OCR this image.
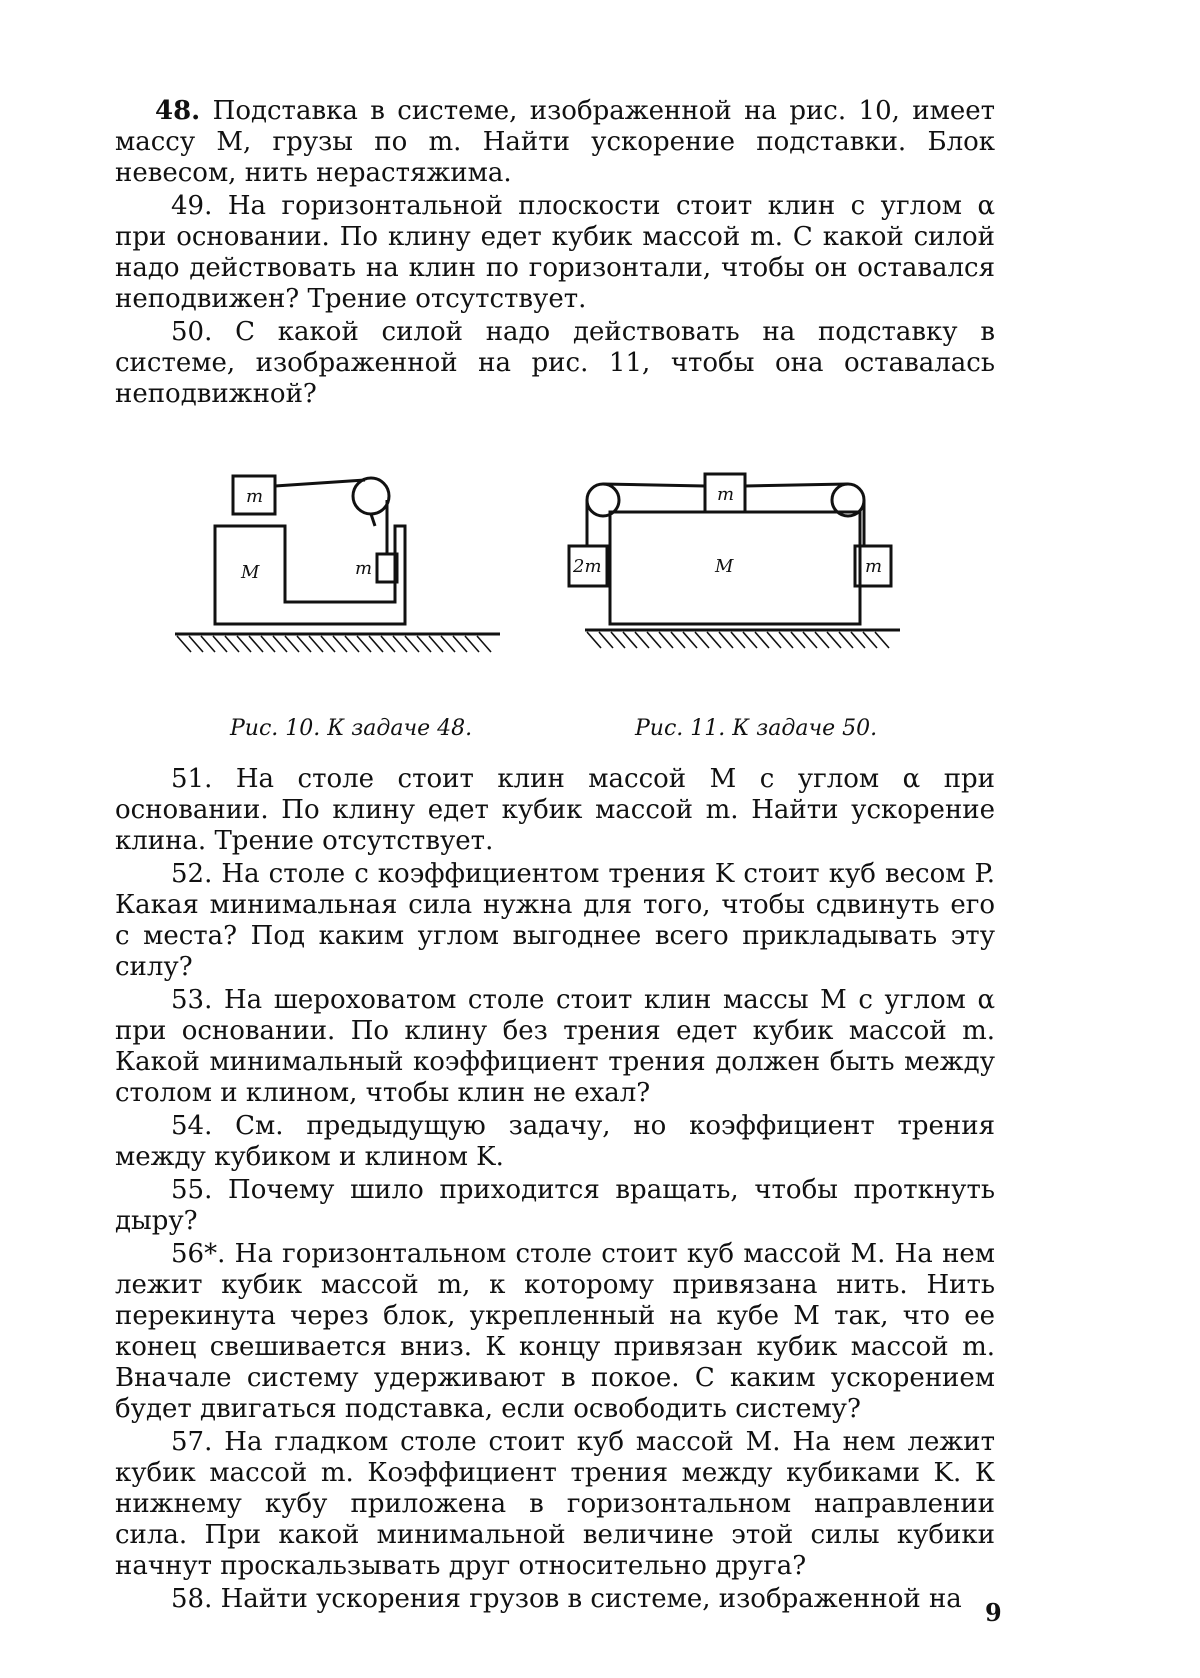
48. Подставка в системе, изображенной на рис. 10, имеет массу M, грузы по m. Найти ускорение подставки. Блок невесом, нить нерастяжима.

49. На горизонтальной плоскости стоит клин с углом α при основании. По клину едет кубик массой m. С какой силой надо действовать на клин по горизонтали, чтобы он оставался неподвижен? Трение отсутствует.

50. С какой силой надо действовать на подставку в системе, изображенной на рис. 11, чтобы она оставалась неподвижной?

m
m
M
m
2m	m
M
Рис. 10. К задаче 48.	Рис. 11. К задаче 50.

51. На столе стоит клин массой M с углом α при основании. По клину едет кубик массой m. Найти ускорение клина. Трение отсутствует.

52. На столе с коэффициентом трения K стоит куб весом P. Какая минимальная сила нужна для того, чтобы сдвинуть его с места? Под каким углом выгоднее всего прикладывать эту силу?

53. На шероховатом столе стоит клин массы M с углом α при основании. По клину без трения едет кубик массой m. Какой минимальный коэффициент трения должен быть между столом и клином, чтобы клин не ехал?

54. См. предыдущую задачу, но коэффициент трения между кубиком и клином K.

55. Почему шило приходится вращать, чтобы проткнуть дыру?

56*. На горизонтальном столе стоит куб массой M. На нем лежит кубик массой m, к которому привязана нить. Нить перекинута через блок, укрепленный на кубе M так, что ее конец свешивается вниз. К концу привязан кубик массой m. Вначале систему удерживают в покое. С каким ускорением будет двигаться подставка, если освободить систему?

57. На гладком столе стоит куб массой M. На нем лежит кубик массой m. Коэффициент трения между кубиками K. К нижнему кубу приложена в горизонтальном направлении сила. При какой минимальной величине этой силы кубики начнут проскальзывать друг относительно друга?

58. Найти ускорения грузов в системе, изображенной на 9
